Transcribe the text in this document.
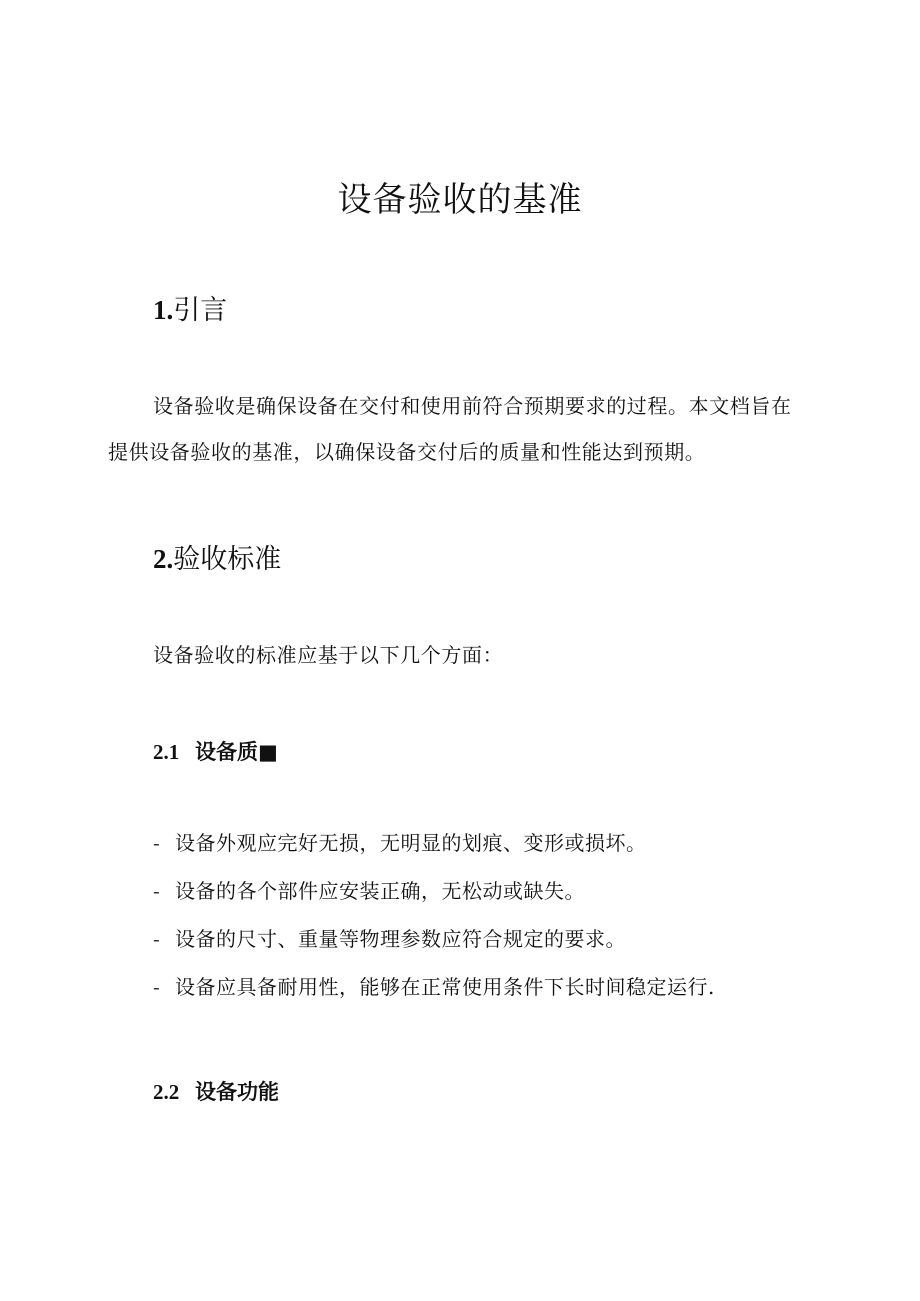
设备验收的基准
1.引言

设备验收是确保设备在交付和使用前符合预期要求的过程。本文档旨在

提供设备验收的基准，以确保设备交付后的质量和性能达到预期。

2.验收标准

设备验收的标准应基于以下几个方面：

2.1 设备质■

- 设备外观应完好无损，无明显的划痕、变形或损坏。

- 设备的各个部件应安装正确，无松动或缺失。

- 设备的尺寸、重量等物理参数应符合规定的要求。

- 设备应具备耐用性，能够在正常使用条件下长时间稳定运行.

2.2 设备功能
